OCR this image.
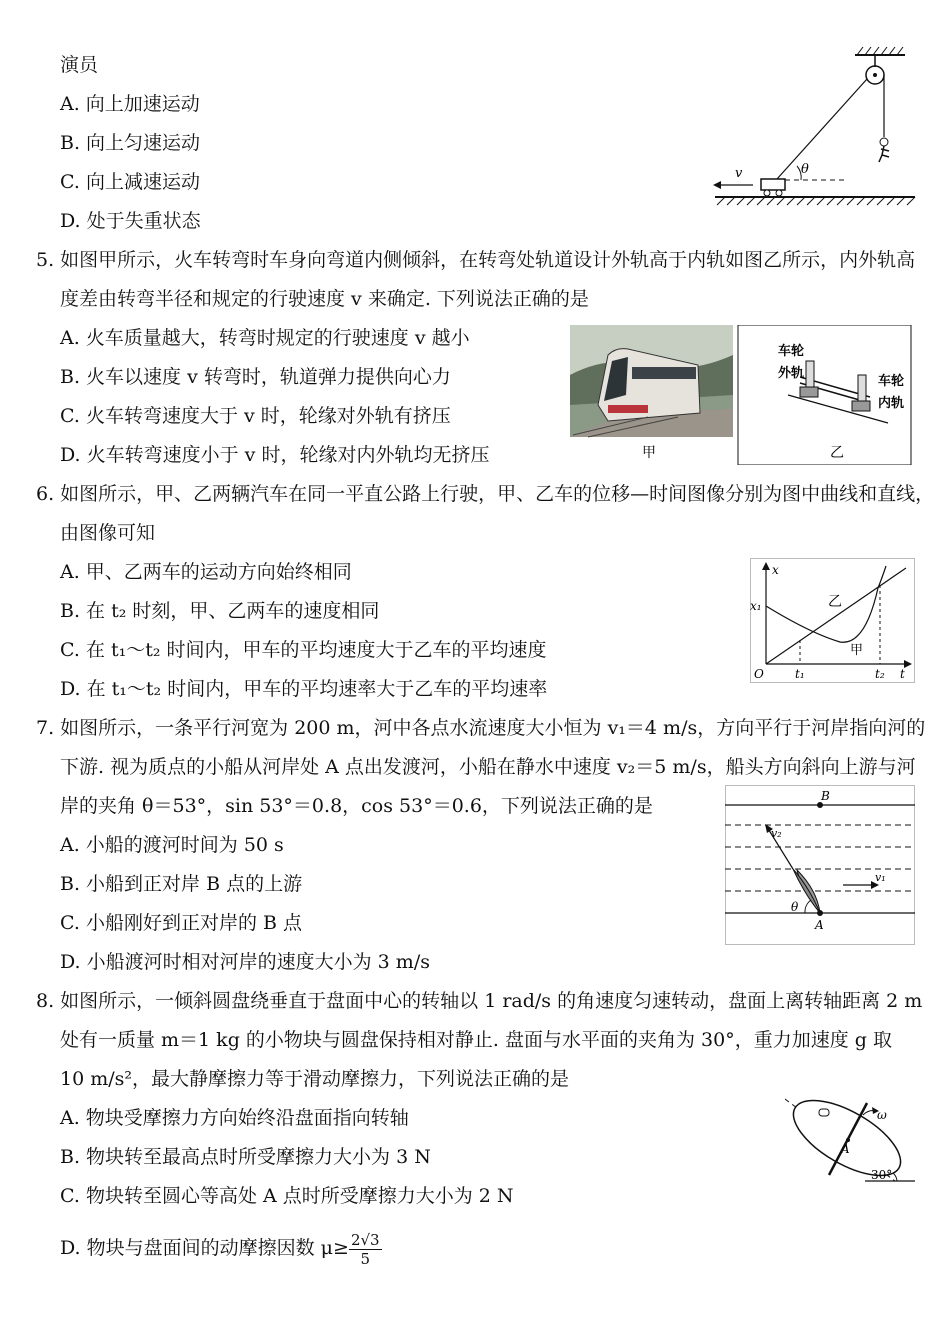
演员
A. 向上加速运动
B. 向上匀速运动
C. 向上减速运动
D. 处于失重状态
θ
v
5. 如图甲所示，火车转弯时车身向弯道内侧倾斜，在转弯处轨道设计外轨高于内轨如图乙所示，内外轨高
度差由转弯半径和规定的行驶速度 v 来确定. 下列说法正确的是
A. 火车质量越大，转弯时规定的行驶速度 v 越小
B. 火车以速度 v 转弯时，轨道弹力提供向心力
C. 火车转弯速度大于 v 时，轮缘对外轨有挤压
D. 火车转弯速度小于 v 时，轮缘对内外轨均无挤压	甲	乙
车轮
外轨
车轮
内轨
6. 如图所示，甲、乙两辆汽车在同一平直公路上行驶，甲、乙车的位移—时间图像分别为图中曲线和直线，
由图像可知
A. 甲、乙两车的运动方向始终相同
B. 在 t₂ 时刻，甲、乙两车的速度相同
C. 在 t₁～t₂ 时间内，甲车的平均速度大于乙车的平均速度
D. 在 t₁～t₂ 时间内，甲车的平均速率大于乙车的平均速率
x
t
O
x₁
t₁	t₂
乙
甲
7. 如图所示，一条平行河宽为 200 m，河中各点水流速度大小恒为 v₁＝4 m/s，方向平行于河岸指向河的
下游. 视为质点的小船从河岸处 A 点出发渡河，小船在静水中速度 v₂＝5 m/s，船头方向斜向上游与河
岸的夹角 θ＝53°，sin 53°＝0.8，cos 53°＝0.6，下列说法正确的是
A. 小船的渡河时间为 50 s
B. 小船到正对岸 B 点的上游
C. 小船刚好到正对岸的 B 点
D. 小船渡河时相对河岸的速度大小为 3 m/s
B
A
v₂
v₁
θ
8. 如图所示，一倾斜圆盘绕垂直于盘面中心的转轴以 1 rad/s 的角速度匀速转动，盘面上离转轴距离 2 m
处有一质量 m＝1 kg 的小物块与圆盘保持相对静止. 盘面与水平面的夹角为 30°，重力加速度 g 取
10 m/s²，最大静摩擦力等于滑动摩擦力，下列说法正确的是
A. 物块受摩擦力方向始终沿盘面指向转轴
B. 物块转至最高点时所受摩擦力大小为 3 N
C. 物块转至圆心等高处 A 点时所受摩擦力大小为 2 N
D. 物块与盘面间的动摩擦因数 $\mu\ge \frac{2√3}{5}$
A
ω
30°
